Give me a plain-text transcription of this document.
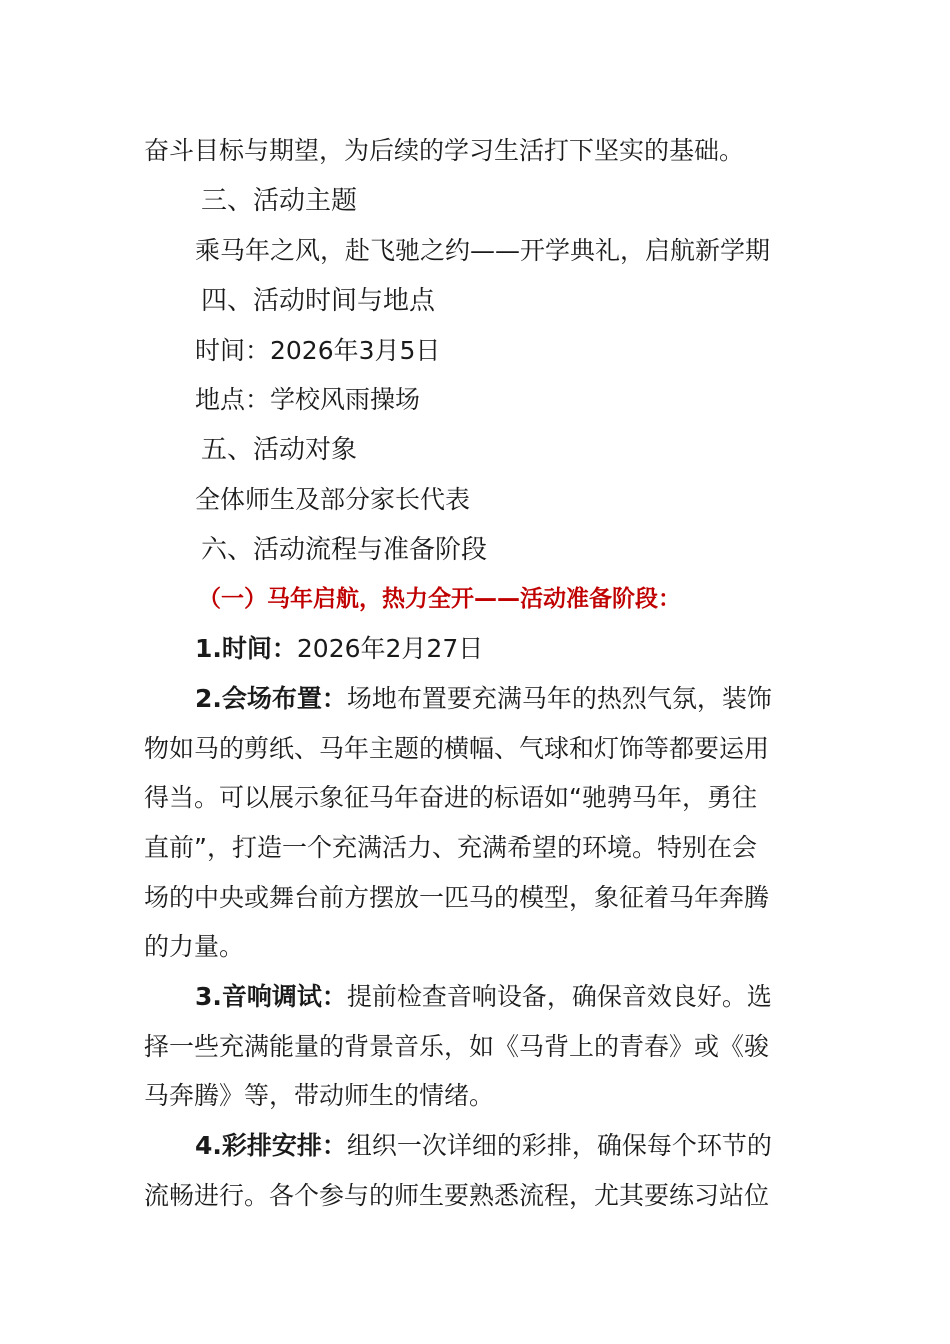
奋斗目标与期望，为后续的学习生活打下坚实的基础。
三、活动主题
乘马年之风，赴飞驰之约——开学典礼，启航新学期
四、活动时间与地点
时间：2026年3月5日
地点：学校风雨操场
五、活动对象
全体师生及部分家长代表
六、活动流程与准备阶段
（一）马年启航，热力全开——活动准备阶段：
1.时间：2026年2月27日
2.会场布置：场地布置要充满马年的热烈气氛，装饰
物如马的剪纸、马年主题的横幅、气球和灯饰等都要运用
得当。可以展示象征马年奋进的标语如“驰骋马年，勇往
直前”，打造一个充满活力、充满希望的环境。特别在会
场的中央或舞台前方摆放一匹马的模型，象征着马年奔腾
的力量。
3.音响调试：提前检查音响设备，确保音效良好。选
择一些充满能量的背景音乐，如《马背上的青春》或《骏
马奔腾》等，带动师生的情绪。
4.彩排安排：组织一次详细的彩排，确保每个环节的
流畅进行。各个参与的师生要熟悉流程，尤其要练习站位
